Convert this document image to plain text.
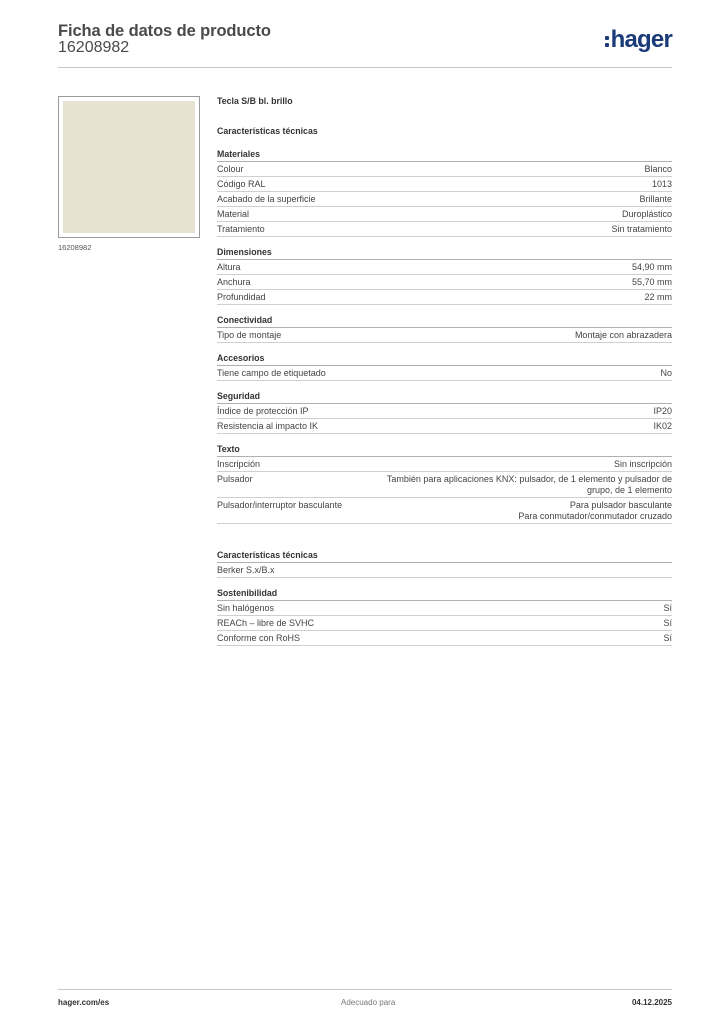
Ficha de datos de producto
16208982	hager
16208982
Tecla S/B bl. brillo
Características técnicas
Materiales
Colour	Blanco
Código RAL	1013
Acabado de la superficie	Brillante
Material	Duroplástico
Tratamiento	Sin tratamiento
Dimensiones
Altura	54,90 mm
Anchura	55,70 mm
Profundidad	22 mm
Conectividad
Tipo de montaje	Montaje con abrazadera
Accesorios
Tiene campo de etiquetado	No
Seguridad
Índice de protección IP	IP20
Resistencia al impacto IK	IK02
Texto
Inscripción	Sin inscripción
Pulsador	También para aplicaciones KNX: pulsador, de 1 elemento y pulsador de
grupo, de 1 elemento
Pulsador/interruptor basculante	Para pulsador basculante
Para conmutador/conmutador cruzado
Características técnicas
Berker S.x/B.x
Sostenibilidad
Sin halógenos	Sí
REACh – libre de SVHC	Sí
Conforme con RoHS	Sí
hager.com/es	Adecuado para	04.12.2025
